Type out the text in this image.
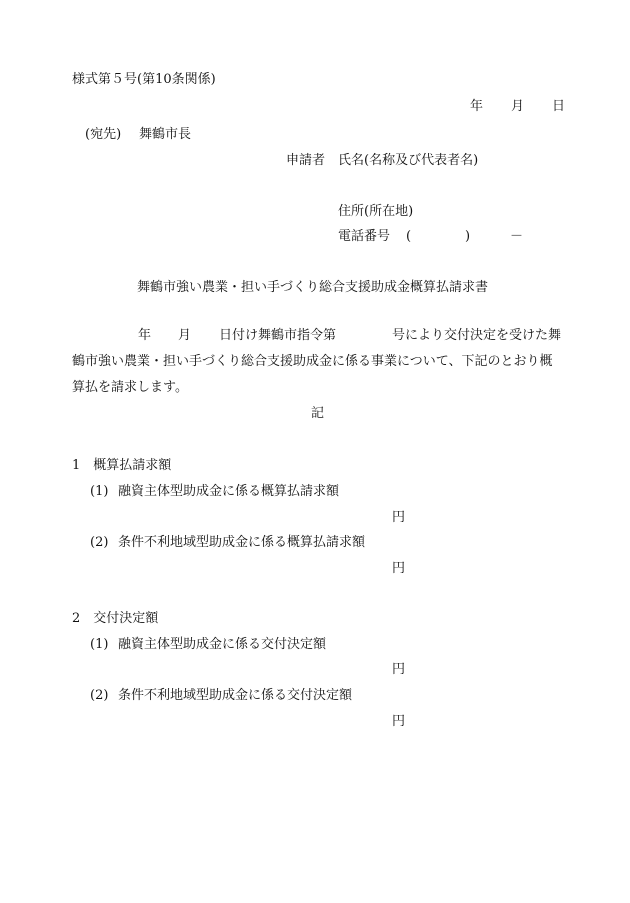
様式第５号(第10条関係)

年 月 日
(宛先) 舞鶴市長
申請者 氏名(名称及び代表者名)
住所(所在地)
電話番号 (	)	－

舞鶴市強い農業・担い手づくり総合支援助成金概算払請求書

年 月 日付け舞鶴市指令第	号により交付決定を受けた舞
鶴市強い農業・担い手づくり総合支援助成金に係る事業について、下記のとおり概
算払を請求します。

記

1　概算払請求額
(1) 融資主体型助成金に係る概算払請求額
円
(2) 条件不利地域型助成金に係る概算払請求額
円
2　交付決定額
(1) 融資主体型助成金に係る交付決定額
円
(2) 条件不利地域型助成金に係る交付決定額
円
